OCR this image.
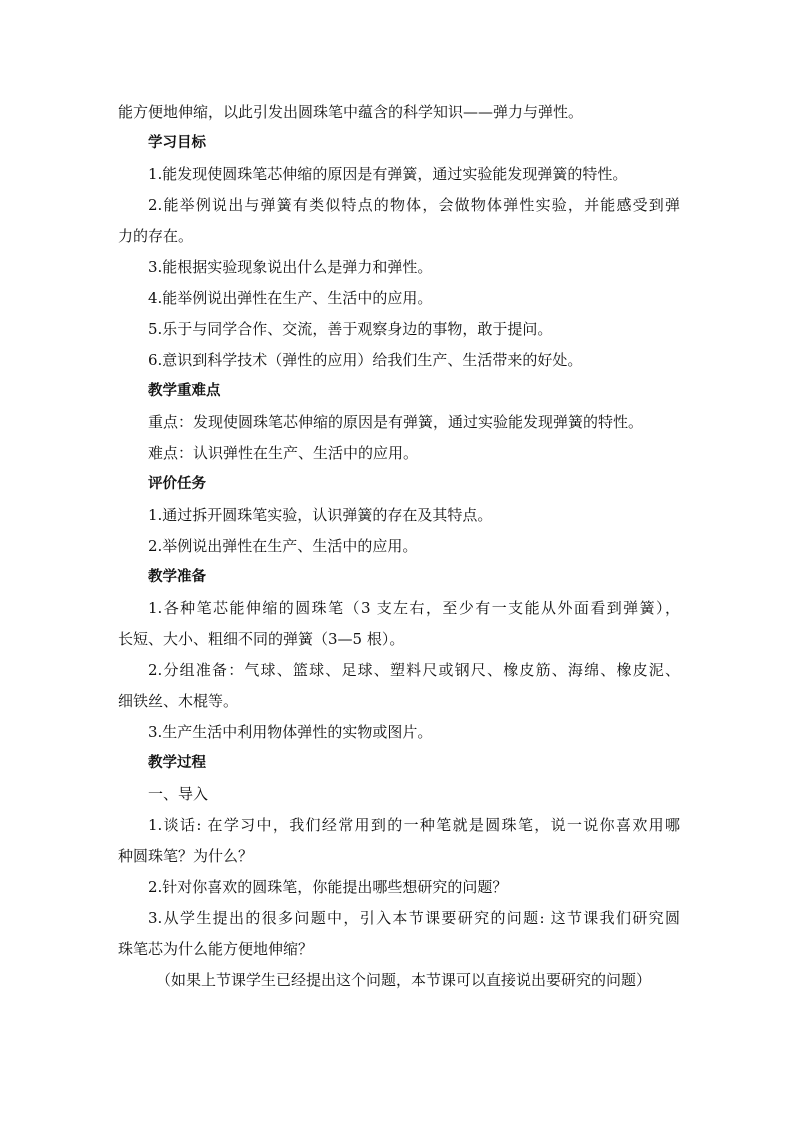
能方便地伸缩，以此引发出圆珠笔中蕴含的科学知识——弹力与弹性。
学习目标
1.能发现使圆珠笔芯伸缩的原因是有弹簧，通过实验能发现弹簧的特性。
2.能举例说出与弹簧有类似特点的物体，会做物体弹性实验，并能感受到弹
力的存在。
3.能根据实验现象说出什么是弹力和弹性。
4.能举例说出弹性在生产、生活中的应用。
5.乐于与同学合作、交流，善于观察身边的事物，敢于提问。
6.意识到科学技术（弹性的应用）给我们生产、生活带来的好处。
教学重难点
重点：发现使圆珠笔芯伸缩的原因是有弹簧，通过实验能发现弹簧的特性。
难点：认识弹性在生产、生活中的应用。
评价任务
1.通过拆开圆珠笔实验，认识弹簧的存在及其特点。
2.举例说出弹性在生产、生活中的应用。
教学准备
1.各种笔芯能伸缩的圆珠笔（3 支左右，至少有一支能从外面看到弹簧），
长短、大小、粗细不同的弹簧（3—5 根）。
2.分组准备：气球、篮球、足球、塑料尺或钢尺、橡皮筋、海绵、橡皮泥、
细铁丝、木棍等。
3.生产生活中利用物体弹性的实物或图片。
教学过程
一、导入
1.谈话: 在学习中，我们经常用到的一种笔就是圆珠笔，说一说你喜欢用哪
种圆珠笔？为什么？
2.针对你喜欢的圆珠笔，你能提出哪些想研究的问题？
3.从学生提出的很多问题中，引入本节课要研究的问题: 这节课我们研究圆
珠笔芯为什么能方便地伸缩？
（如果上节课学生已经提出这个问题，本节课可以直接说出要研究的问题）
